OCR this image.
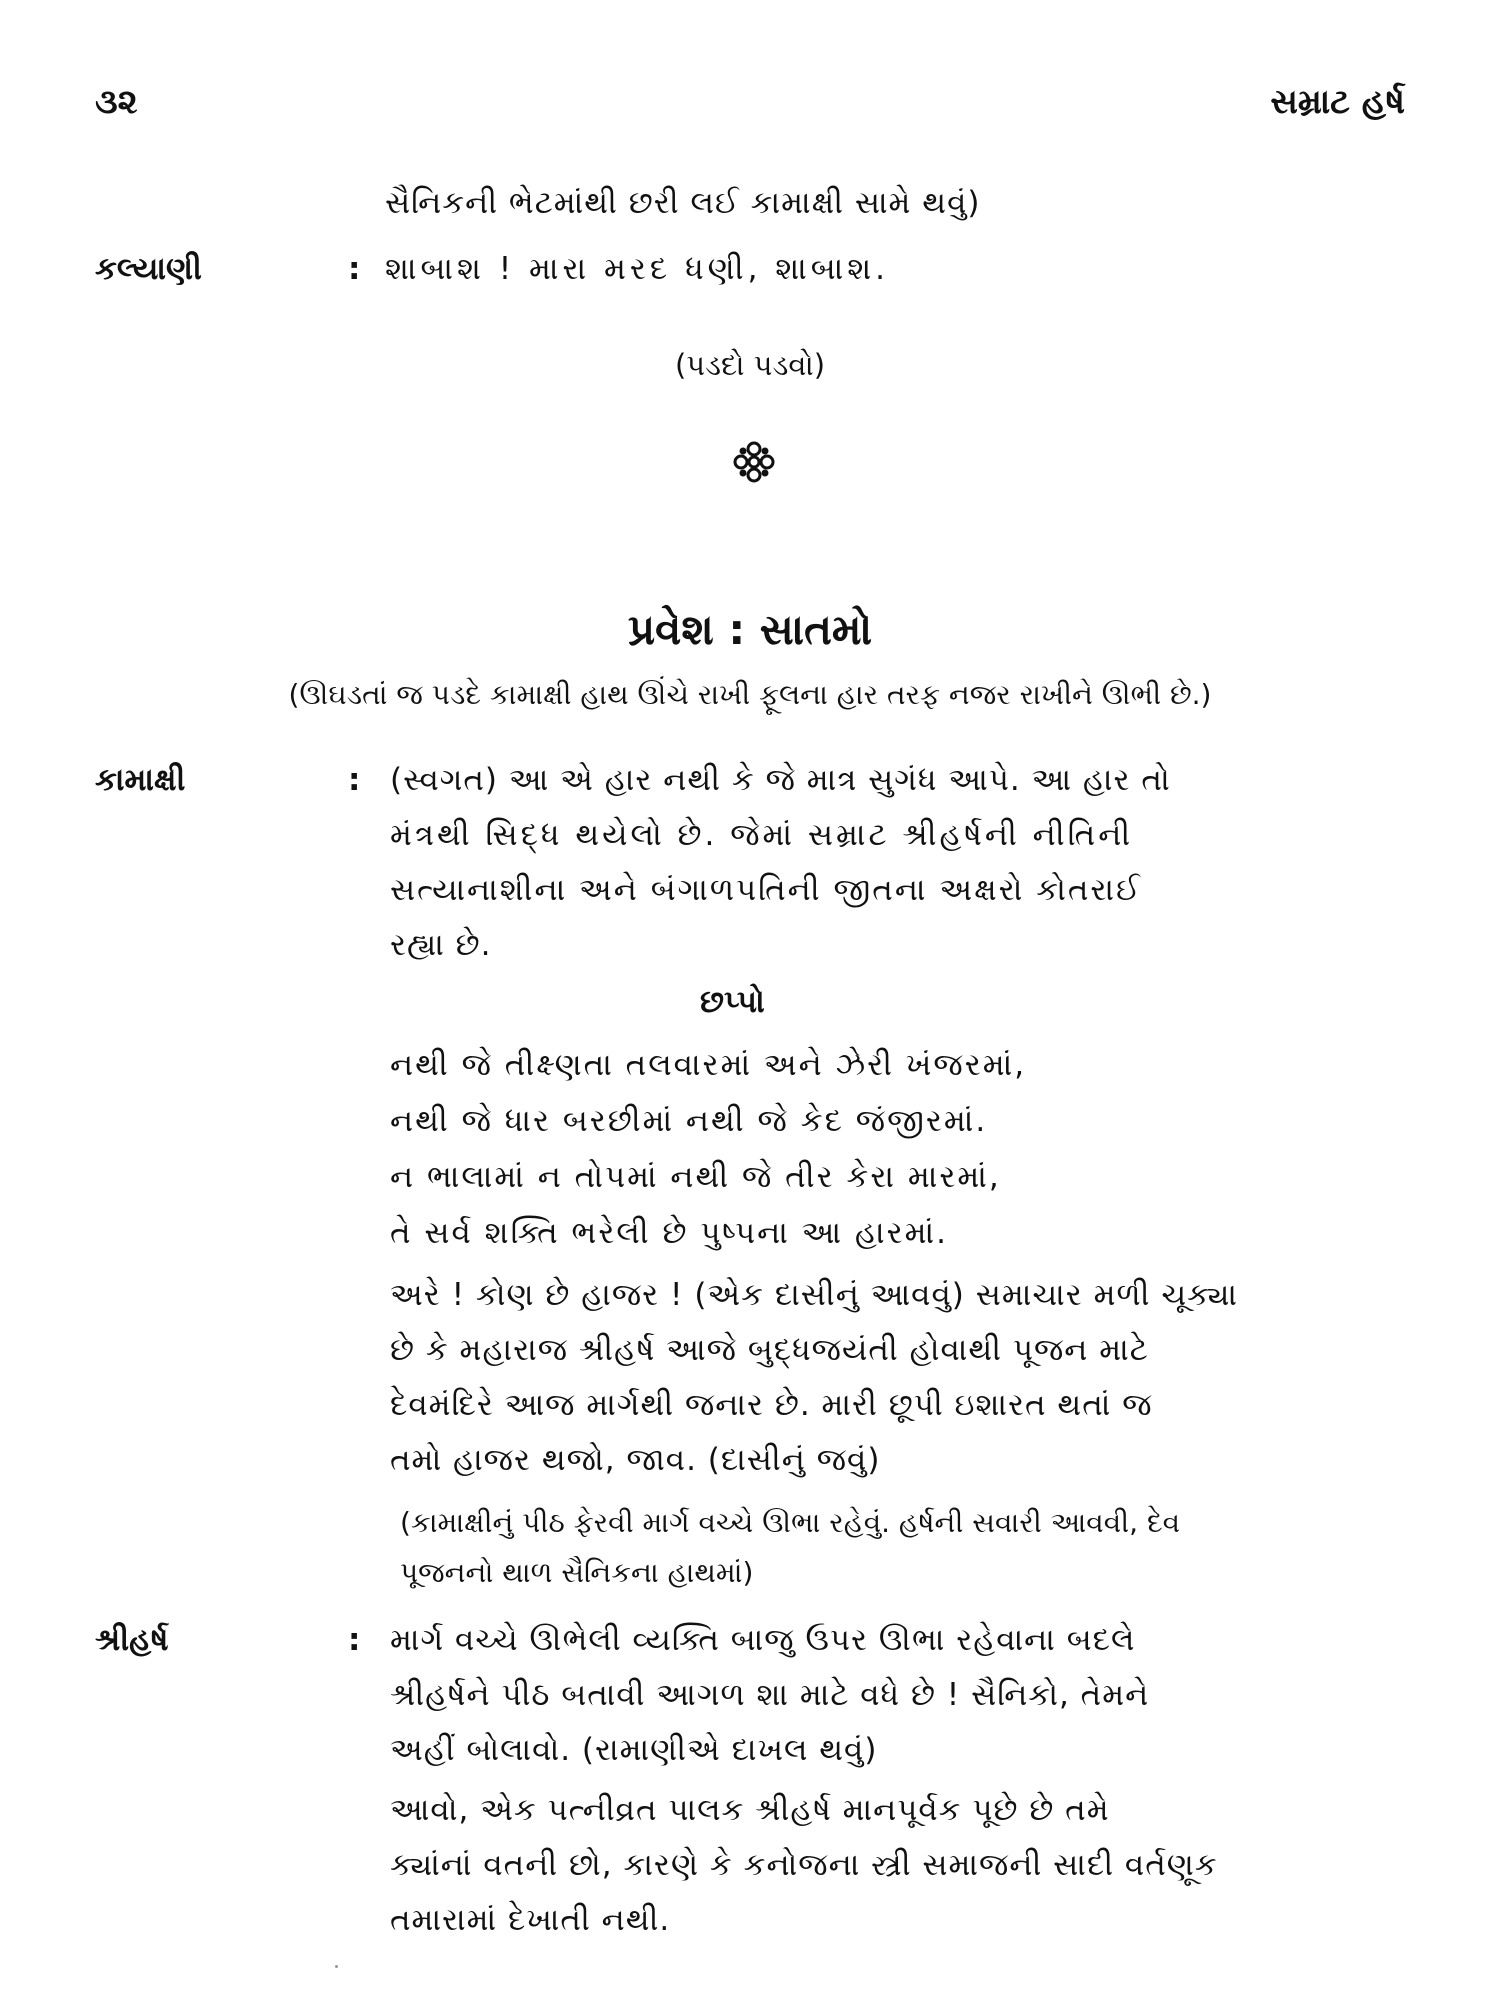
૩૨	સમ્રાટ હર્ષ
સૈનિકની ભેટમાંથી છરી લઈ કામાક્ષી સામે થવું)
કલ્યાણી	: શાબાશ ! મારા મરદ ધણી, શાબાશ.
(પડદો પડવો)
પ્રવેશ : સાતમો
(ઊઘડતાં જ પડદે કામાક્ષી હાથ ઊંચે રાખી ફૂલના હાર તરફ નજર રાખીને ઊભી છે.)
કામાક્ષી	: (સ્વગત) આ એ હાર નથી કે જે માત્ર સુગંધ આપે. આ હાર તો
મંત્રથી સિદ્ધ થયેલો છે. જેમાં સમ્રાટ શ્રીહર્ષની નીતિની
સત્યાનાશીના અને બંગાળપતિની જીતના અક્ષરો કોતરાઈ
રહ્યા છે.
છપ્પો
નથી જે તીક્ષ્ણતા તલવારમાં અને ઝેરી ખંજરમાં,
નથી જે ધાર બરછીમાં નથી જે કેદ જંજીરમાં.
ન ભાલામાં ન તોપમાં નથી જે તીર કેરા મારમાં,
તે સર્વ શક્તિ ભરેલી છે પુષ્પના આ હારમાં.
અરે ! કોણ છે હાજર ! (એક દાસીનું આવવું) સમાચાર મળી ચૂક્યા
છે કે મહારાજ શ્રીહર્ષ આજે બુદ્ધજયંતી હોવાથી પૂજન માટે
દેવમંદિરે આજ માર્ગથી જનાર છે. મારી છૂપી ઇશારત થતાં જ
તમો હાજર થજો, જાવ. (દાસીનું જવું)
(કામાક્ષીનું પીઠ ફેરવી માર્ગ વચ્ચે ઊભા રહેવું. હર્ષની સવારી આવવી, દેવ
પૂજનનો થાળ સૈનિકના હાથમાં)
શ્રીહર્ષ	: માર્ગ વચ્ચે ઊભેલી વ્યક્તિ બાજુ ઉપર ઊભા રહેવાના બદલે
શ્રીહર્ષને પીઠ બતાવી આગળ શા માટે વધે છે ! સૈનિકો, તેમને
અહીં બોલાવો. (રામાણીએ દાખલ થવું)
આવો, એક પત્નીવ્રત પાલક શ્રીહર્ષ માનપૂર્વક પૂછે છે તમે
ક્યાંનાં વતની છો, કારણે કે કનોજના સ્ત્રી સમાજની સાદી વર્તણૂક
તમારામાં દેખાતી નથી.
